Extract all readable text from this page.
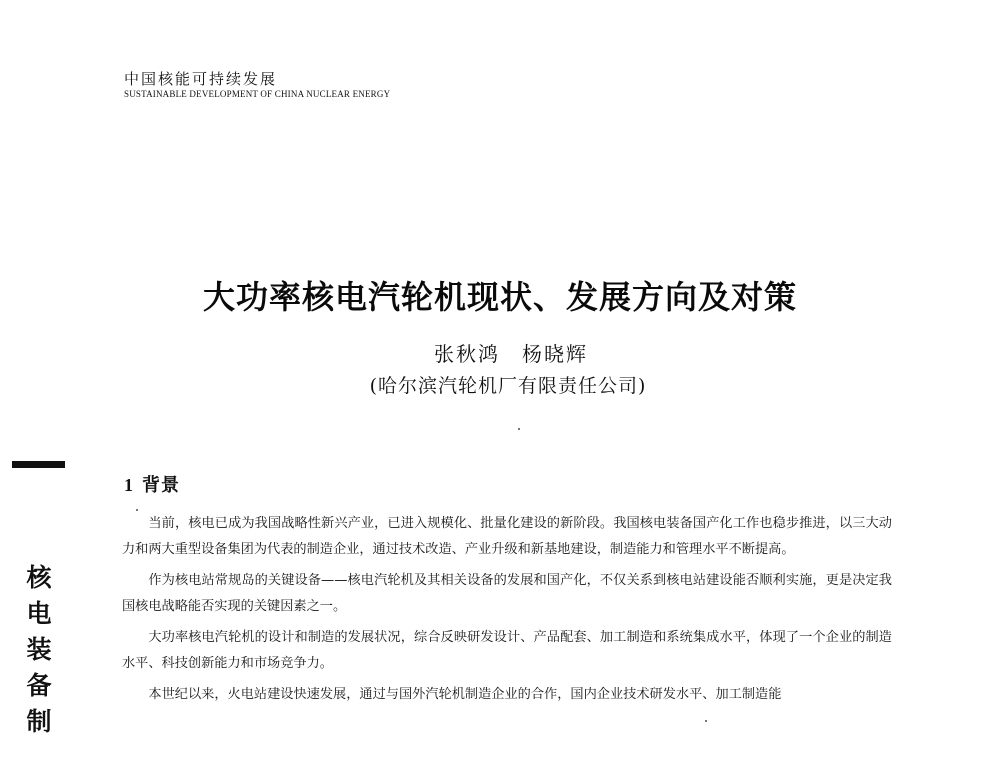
中国核能可持续发展
SUSTAINABLE DEVELOPMENT OF CHINA NUCLEAR ENERGY
大功率核电汽轮机现状、发展方向及对策
张秋鸿 杨晓辉
(哈尔滨汽轮机厂有限责任公司)
核
电
装
备
制
1 背景

当前，核电已成为我国战略性新兴产业，已进入规模化、批量化建设的新阶段。我国核电装备国产化工作也稳步推进，以三大动力和两大重型设备集团为代表的制造企业，通过技术改造、产业升级和新基地建设，制造能力和管理水平不断提高。

作为核电站常规岛的关键设备——核电汽轮机及其相关设备的发展和国产化，不仅关系到核电站建设能否顺利实施，更是决定我国核电战略能否实现的关键因素之一。

大功率核电汽轮机的设计和制造的发展状况，综合反映研发设计、产品配套、加工制造和系统集成水平，体现了一个企业的制造水平、科技创新能力和市场竞争力。

本世纪以来，火电站建设快速发展，通过与国外汽轮机制造企业的合作，国内企业技术研发水平、加工制造能
